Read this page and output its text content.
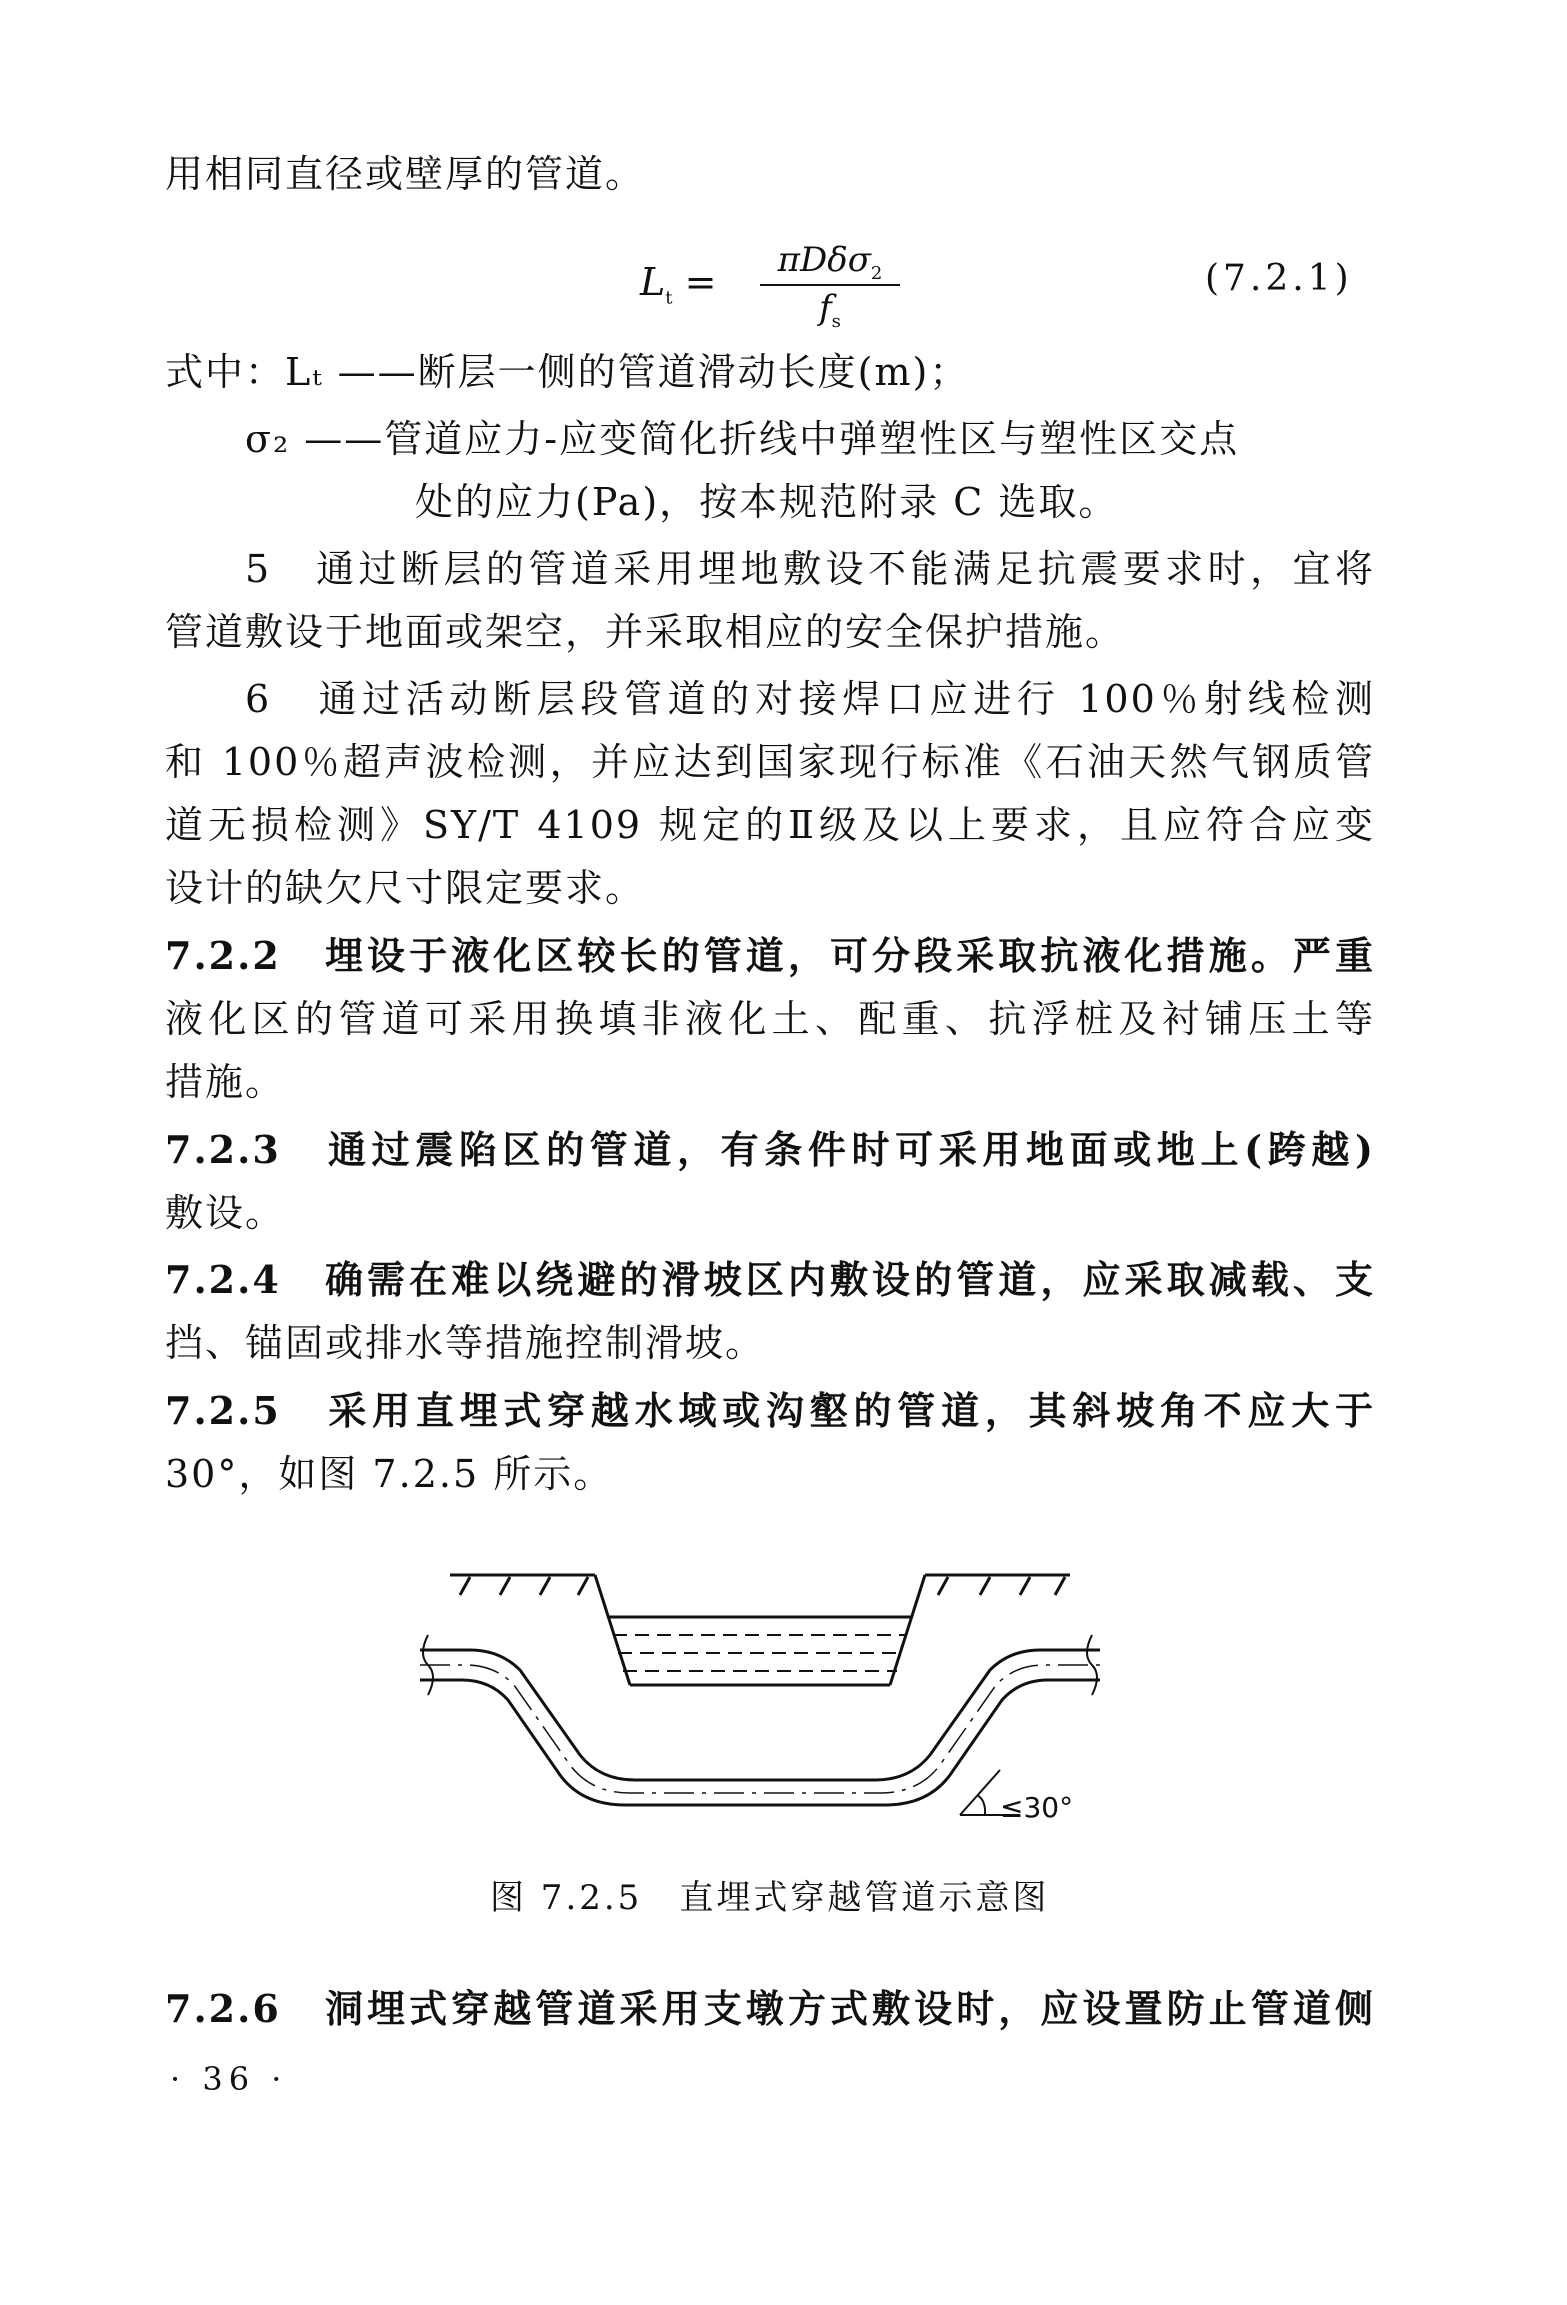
用相同直径或壁厚的管道。
$L_t$ =	πDδσ$_2$
$f_s$
(7.2.1)
式中：Lₜ ——断层一侧的管道滑动长度(m)；
σ₂ ——管道应力-应变简化折线中弹塑性区与塑性区交点
处的应力(Pa)，按本规范附录 C 选取。
5　通过断层的管道采用埋地敷设不能满足抗震要求时，宜将
管道敷设于地面或架空，并采取相应的安全保护措施。
6　通过活动断层段管道的对接焊口应进行 100％射线检测
和 100％超声波检测，并应达到国家现行标准《石油天然气钢质管
道无损检测》SY/T 4109 规定的Ⅱ级及以上要求，且应符合应变
设计的缺欠尺寸限定要求。
7.2.2　埋设于液化区较长的管道，可分段采取抗液化措施。严重
液化区的管道可采用换填非液化土、配重、抗浮桩及衬铺压土等
措施。
7.2.3　通过震陷区的管道，有条件时可采用地面或地上(跨越)
敷设。
7.2.4　确需在难以绕避的滑坡区内敷设的管道，应采取减载、支
挡、锚固或排水等措施控制滑坡。
7.2.5　采用直埋式穿越水域或沟壑的管道，其斜坡角不应大于
30°，如图 7.2.5 所示。
≤30°
图 7.2.5　直埋式穿越管道示意图
7.2.6　洞埋式穿越管道采用支墩方式敷设时，应设置防止管道侧
· 36 ·
